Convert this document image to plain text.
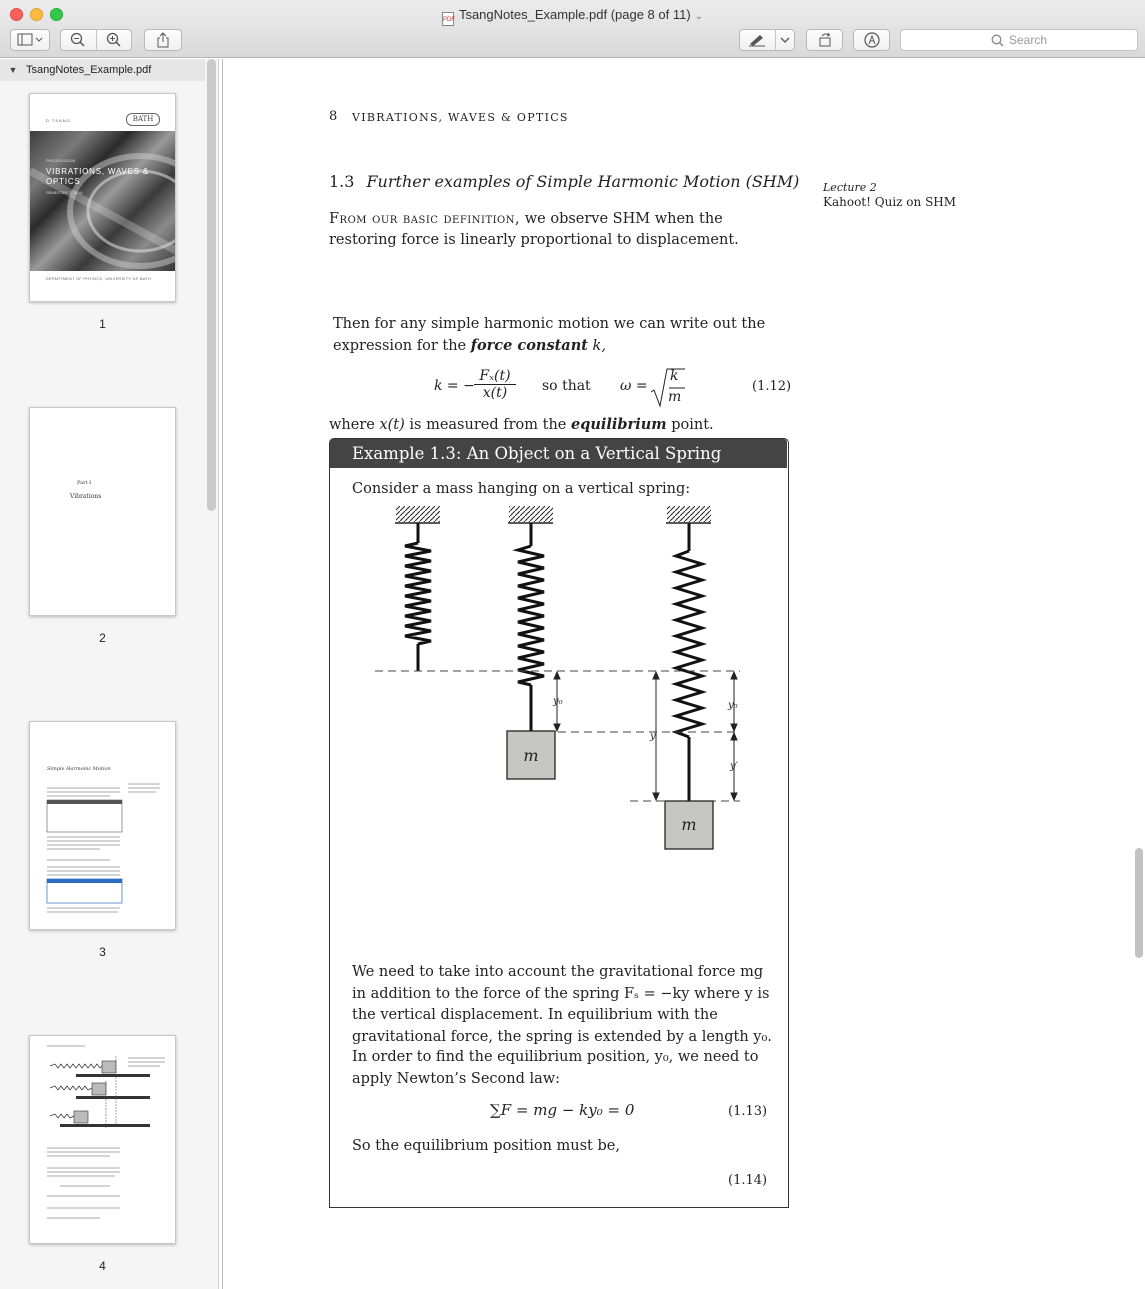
PDF TsangNotes_Example.pdf (page 8 of 11) ⌄
Search
▼ TsangNotes_Example.pdf
D TSANG	BATH
PH12001/12005
VIBRATIONS, WAVES & OPTICS
SEMESTER 2, 2018
DEPARTMENT OF PHYSICS, UNIVERSITY OF BATH
1
Part I
Vibrations
2
Simple Harmonic Motion
3
4
8 VIBRATIONS, WAVES & OPTICS
1.3 Further examples of Simple Harmonic Motion (SHM) Lecture 2
Kahoot! Quiz on SHM
From our basic definition, we observe SHM when the restoring force is linearly proportional to displacement.
Then for any simple harmonic motion we can write out the expression for the force constant k,
k = − $\frac{\text{Fₓ(t)}}{x(t)}$ so that ω =
k
m
(1.12)
where x(t) is measured from the equilibrium point.
Example 1.3: An Object on a Vertical Spring
Consider a mass hanging on a vertical spring:
m
m
y₀
y
y₀
y′
We need to take into account the gravitational force mg in addition to the force of the spring Fₛ = −ky where y is the vertical displacement. In equilibrium with the gravitational force, the spring is extended by a length y₀.
In order to find the equilibrium position, y₀, we need to apply Newton’s Second law:
∑F = mg − ky₀ = 0	(1.13)
So the equilibrium position must be,
(1.14)
